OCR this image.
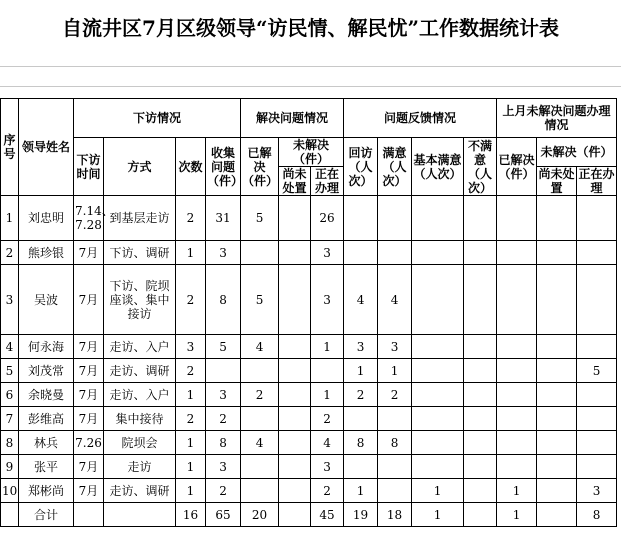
自流井区7月区级领导“访民情、解民忧”工作数据统计表
序号	领导姓名	下访情况				解决问题情况			问题反馈情况				上月未解决问题办理情况		
		下访时间	方式	次数	收集问题（件）	已解决（件）	未解决（件）		回访（人次）	满意（人次）	基本满意（人次）	不满意（人次）	已解决（件）	未解决（件）	
							尚未处置	正在办理						尚未处置	正在办理
1	刘忠明	7.14、7.28	到基层走访	2	31	5		26							
2	熊珍银	7月	下访、调研	1	3			3							
3	吴波	7月	下访、院坝座谈、集中接访	2	8	5		3	4	4					
4	何永海	7月	走访、入户	3	5	4		1	3	3					
5	刘茂常	7月	走访、调研	2					1	1					5
6	余晓曼	7月	走访、入户	1	3	2		1	2	2					
7	彭维高	7月	集中接待	2	2			2							
8	林兵	7.26	院坝会	1	8	4		4	8	8					
9	张平	7月	走访	1	3			3							
10	郑彬尚	7月	走访、调研	1	2			2	1		1		1		3
	合计			16	65	20		45	19	18	1		1		8
